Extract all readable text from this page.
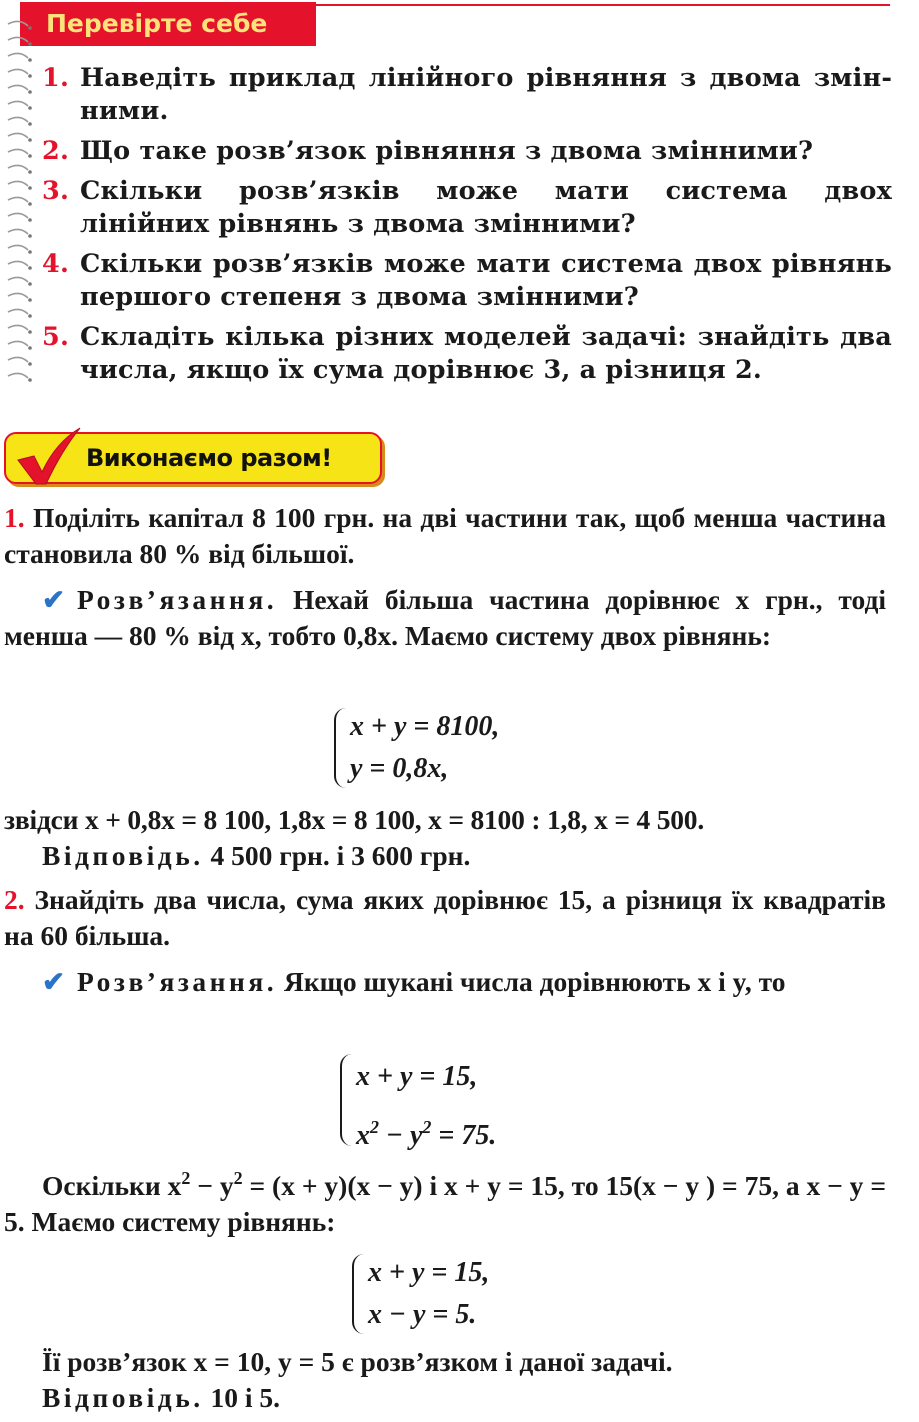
Перевірте себе
1. Наведіть приклад лінійного рівняння з двома змінними.
2. Що таке розв’язок рівняння з двома змінними?
3. Скільки розв’язків може мати система двох лінійних рівнянь з двома змінними?
4. Скільки розв’язків може мати система двох рівнянь першого степеня з двома змінними?
5. Складіть кілька різних моделей задачі: знайдіть два числа, якщо їх сума дорівнює 3, а різниця 2.
Виконаємо разом!

1. Поділіть капітал 8 100 грн. на дві частини так, щоб менша частина становила 80 % від більшої.

✔ Розв’язання. Нехай більша частина дорівнює x грн., тоді менша — 80 % від x, тобто 0,8x. Маємо систему двох рівнянь:

x + y = 8100,
y = 0,8x,

звідси x + 0,8x = 8 100, 1,8x = 8 100, x = 8100 : 1,8, x = 4 500.

Відповідь. 4 500 грн. і 3 600 грн.

2. Знайдіть два числа, сума яких дорівнює 15, а різниця їх квадратів на 60 більша.

✔ Розв’язання. Якщо шукані числа дорівнюють x і y, то

x + y = 15,
$x^2 - y^2 = 75$.

Оскільки $x^2 - y^2 = (x + y)(x - y)$ і x + y = 15, то 15(x − y ) = 75, а x − y = 5. Маємо систему рівнянь:

x + y = 15,
x − y = 5.

Її розв’язок x = 10, y = 5 є розв’язком і даної задачі.

Відповідь. 10 і 5.
